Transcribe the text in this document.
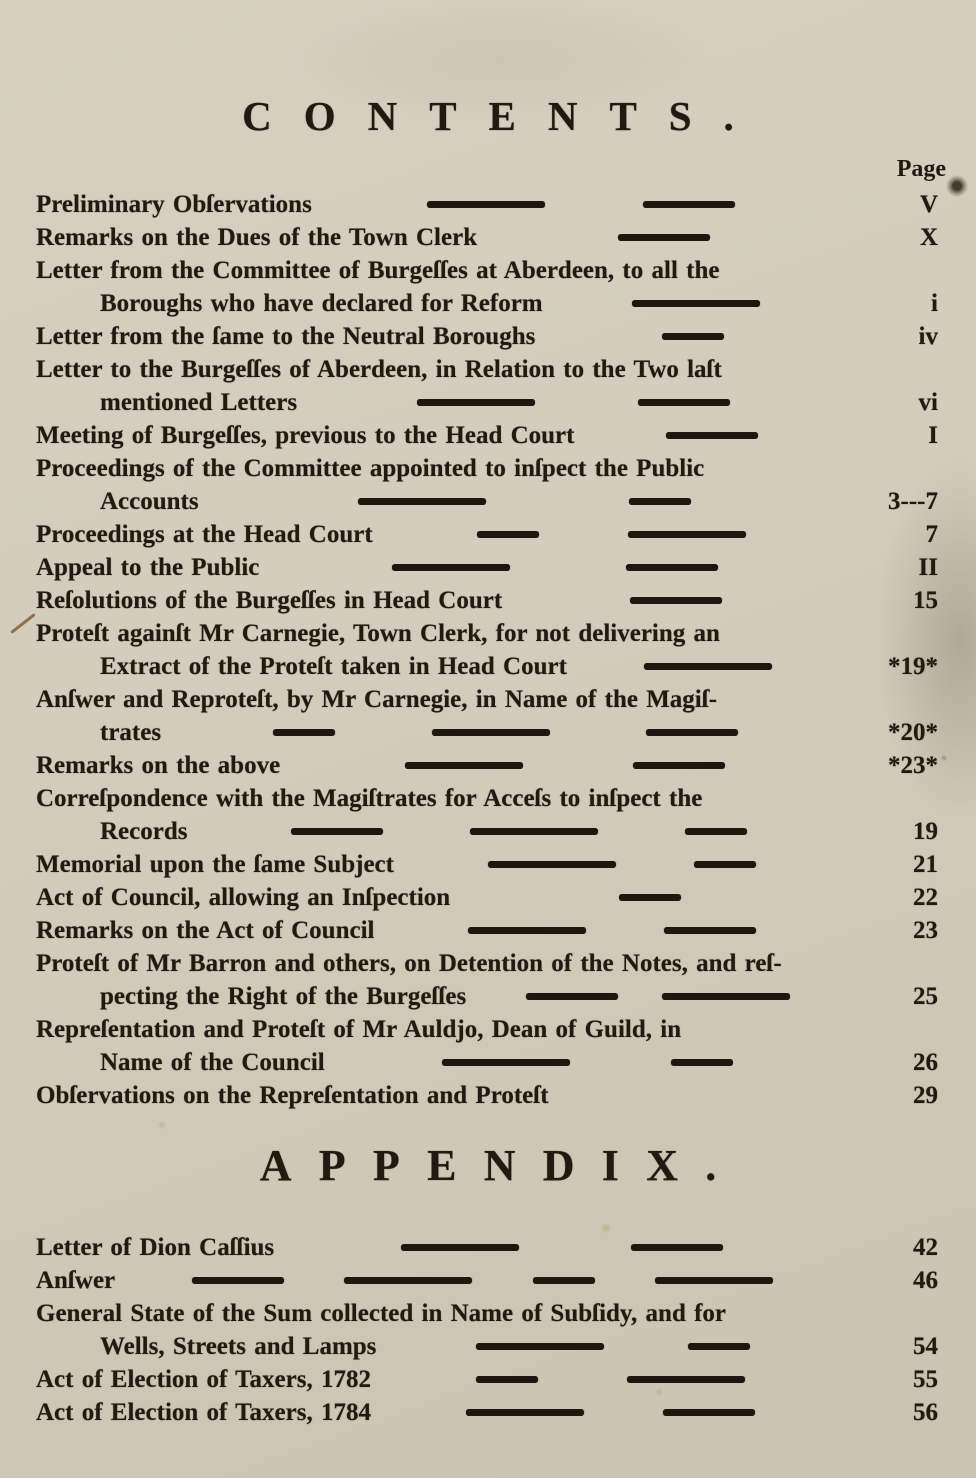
CONTENTS.
Page
Preliminary Obſervations	V
Remarks on the Dues of the Town Clerk	X
Letter from the Committee of Burgeſſes at Aberdeen, to all the
Boroughs who have declared for Reform	i
Letter from the ſame to the Neutral Boroughs	iv
Letter to the Burgeſſes of Aberdeen, in Relation to the Two laſt
mentioned Letters	vi
Meeting of Burgeſſes, previous to the Head Court	I
Proceedings of the Committee appointed to inſpect the Public
Accounts	3---7
Proceedings at the Head Court	7
Appeal to the Public	II
Reſolutions of the Burgeſſes in Head Court	15
Proteſt againſt Mr Carnegie, Town Clerk, for not delivering an
Extract of the Proteſt taken in Head Court	*19*
Anſwer and Reproteſt, by Mr Carnegie, in Name of the Magiſ-
trates	*20*
Remarks on the above	*23*
Correſpondence with the Magiſtrates for Acceſs to inſpect the
Records	19
Memorial upon the ſame Subject	21
Act of Council, allowing an Inſpection	22
Remarks on the Act of Council	23
Proteſt of Mr Barron and others, on Detention of the Notes, and reſ-
pecting the Right of the Burgeſſes	25
Repreſentation and Proteſt of Mr Auldjo, Dean of Guild, in
Name of the Council	26
Obſervations on the Repreſentation and Proteſt	29
APPENDIX.
Letter of Dion Caſſius	42
Anſwer	46
General State of the Sum collected in Name of Subſidy, and for
Wells, Streets and Lamps	54
Act of Election of Taxers, 1782	55
Act of Election of Taxers, 1784	56
